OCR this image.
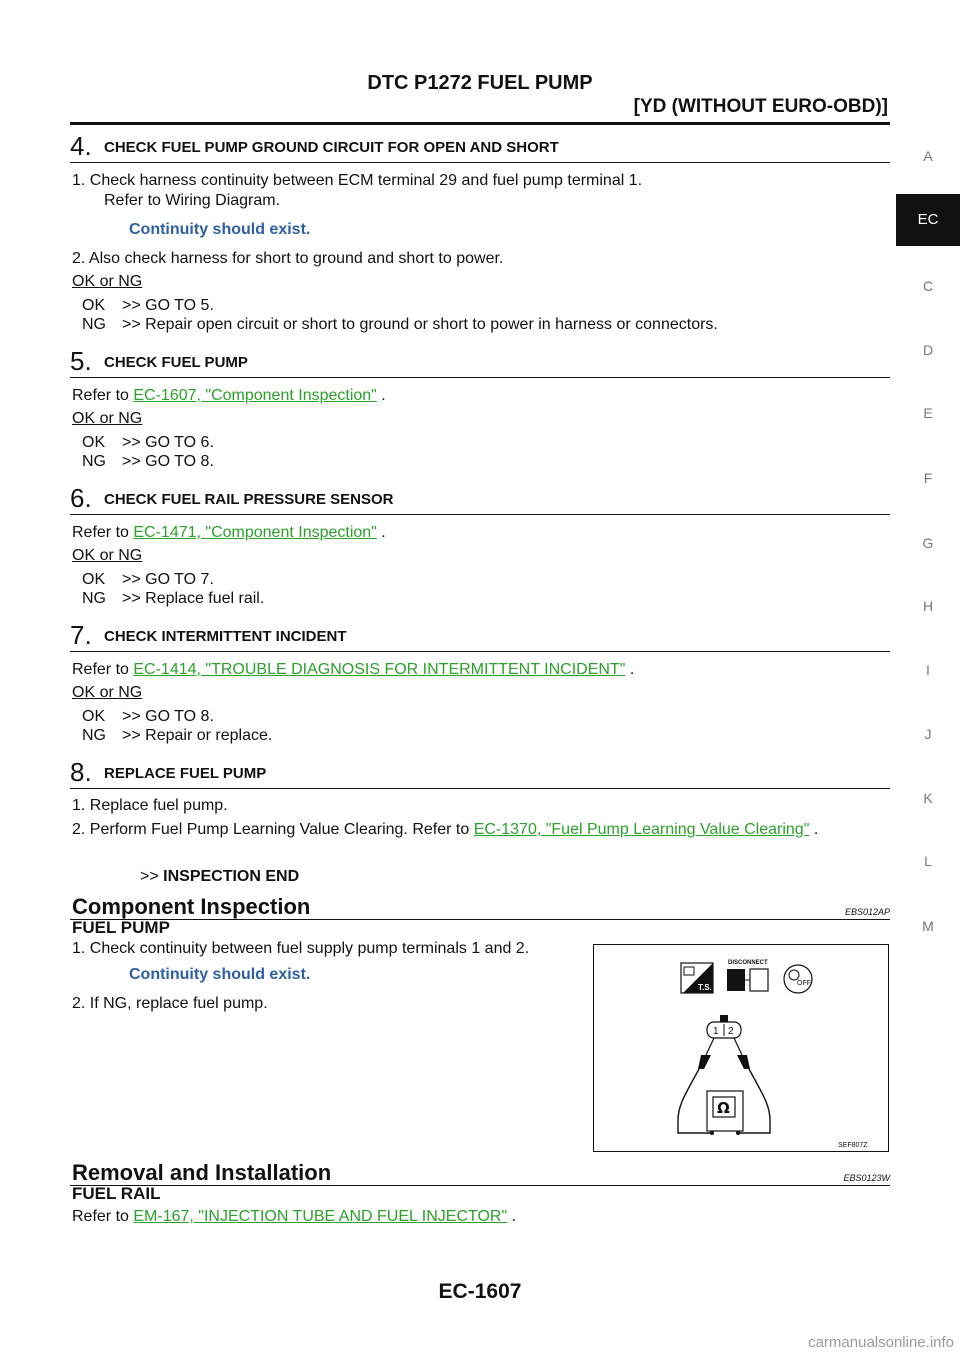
DTC P1272 FUEL PUMP
[YD (WITHOUT EURO-OBD)]
A
EC
C
D
E
F
G
H
I
J
K
L
M
4. CHECK FUEL PUMP GROUND CIRCUIT FOR OPEN AND SHORT
1. Check harness continuity between ECM terminal 29 and fuel pump terminal 1.
Refer to Wiring Diagram.
Continuity should exist.
2. Also check harness for short to ground and short to power.
OK or NG
OK >> GO TO 5.
NG >> Repair open circuit or short to ground or short to power in harness or connectors.
5. CHECK FUEL PUMP
Refer to EC-1607, "Component Inspection" .
OK or NG
OK >> GO TO 6.
NG >> GO TO 8.
6. CHECK FUEL RAIL PRESSURE SENSOR
Refer to EC-1471, "Component Inspection" .
OK or NG
OK >> GO TO 7.
NG >> Replace fuel rail.
7. CHECK INTERMITTENT INCIDENT
Refer to EC-1414, "TROUBLE DIAGNOSIS FOR INTERMITTENT INCIDENT" .
OK or NG
OK >> GO TO 8.
NG >> Repair or replace.
8. REPLACE FUEL PUMP
1. Replace fuel pump.
2. Perform Fuel Pump Learning Value Clearing. Refer to EC-1370, "Fuel Pump Learning Value Clearing" .
>> INSPECTION END
Component Inspection	EBS012AP
FUEL PUMP
1. Check continuity between fuel supply pump terminals 1 and 2.
Continuity should exist.
2. If NG, replace fuel pump.
T.S.
DISCONNECT
OFF
1 2
Ω
SEF807Z
Removal and Installation	EBS0123W
FUEL RAIL
Refer to EM-167, "INJECTION TUBE AND FUEL INJECTOR" .
EC-1607
carmanualsonline.info
